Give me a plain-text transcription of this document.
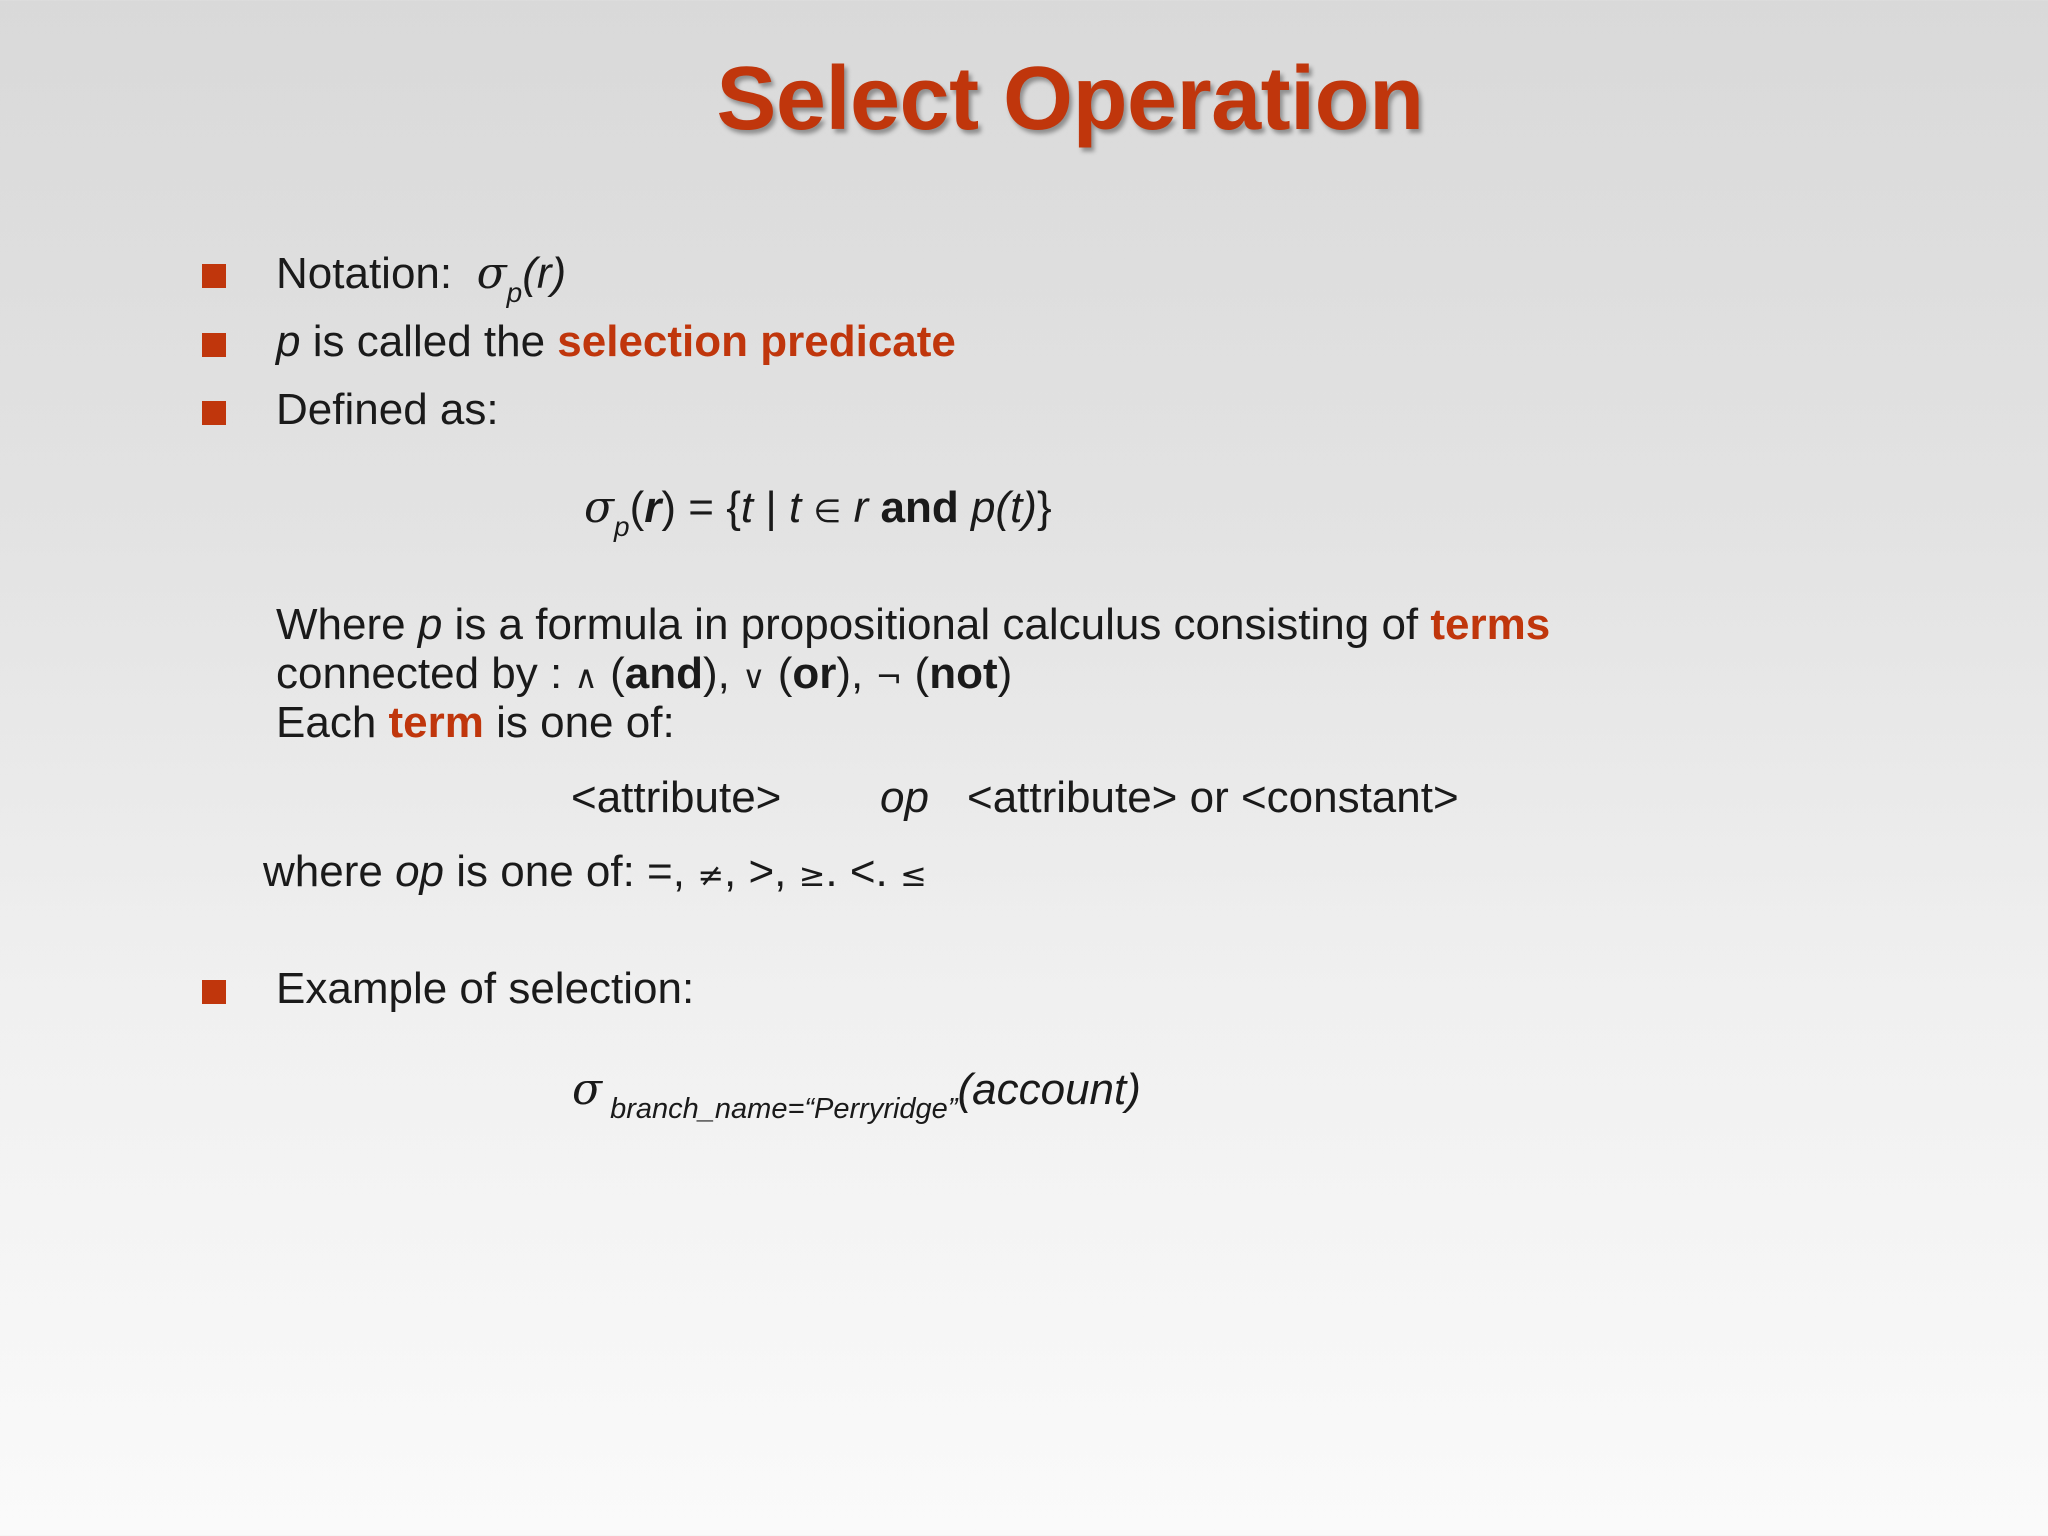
Select Operation
Notation: $\sigma_p(r)$
p is called the selection predicate
Defined as:
$\sigma_p(r) = \{t$ | t ∈ r and p(t)}
Where p is a formula in propositional calculus consisting of terms
connected by : ∧ (and), ∨ (or), ¬ (not)
Each term is one of:
<attribute> op <attribute> or <constant>
where op is one of: =, ≠, >, ≥. <. ≤
Example of selection:
σ $_{branch\_name=“Perryridge”}$(account)
